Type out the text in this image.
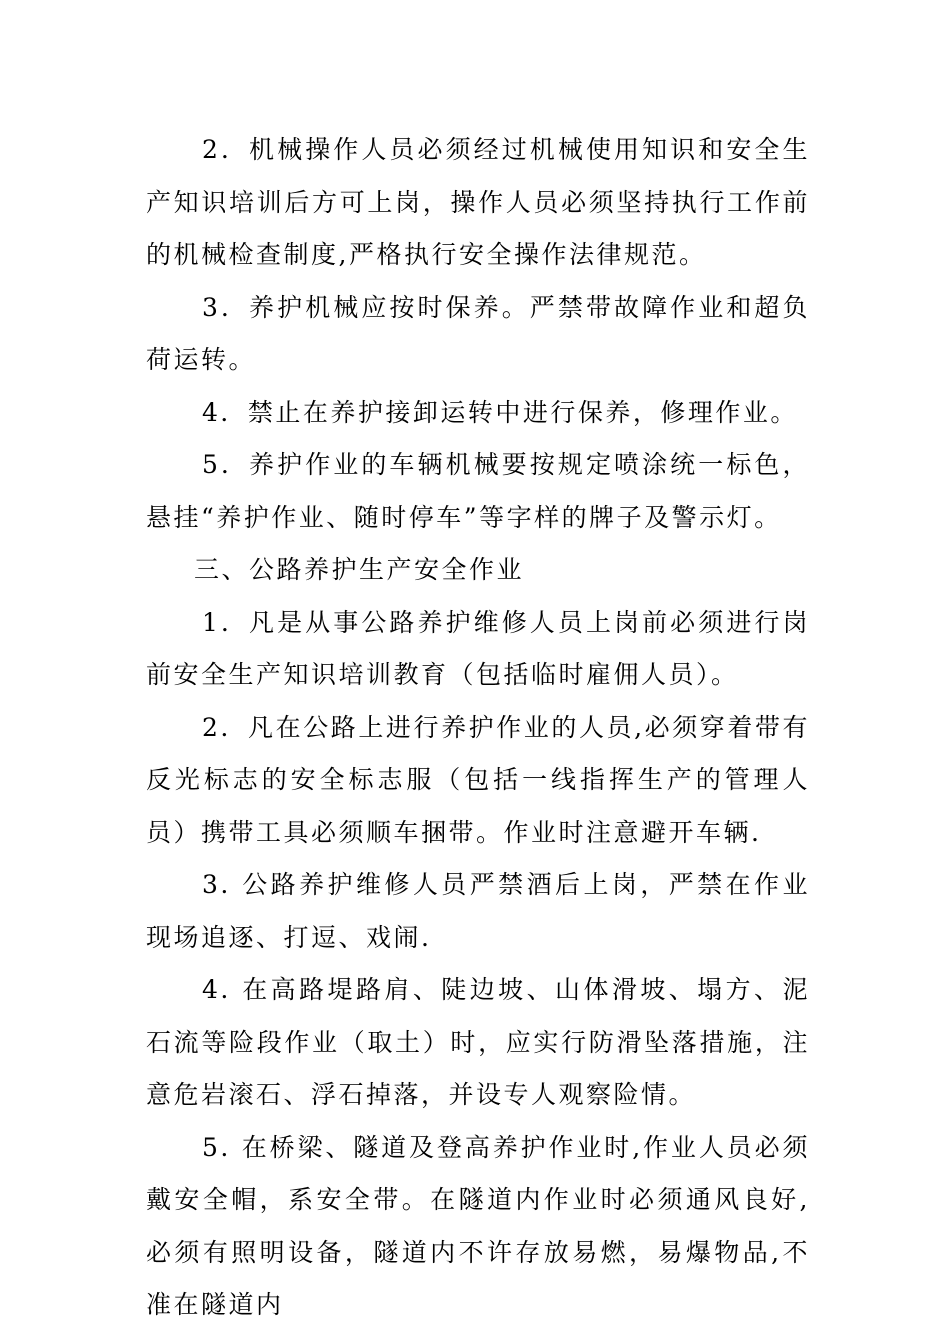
2．机械操作人员必须经过机械使用知识和安全生产知识培训后方可上岗，操作人员必须坚持执行工作前的机械检查制度,严格执行安全操作法律规范。

3．养护机械应按时保养。严禁带故障作业和超负荷运转。

4．禁止在养护接卸运转中进行保养，修理作业。

5．养护作业的车辆机械要按规定喷涂统一标色，悬挂“养护作业、随时停车”等字样的牌子及警示灯。

三、公路养护生产安全作业

1．凡是从事公路养护维修人员上岗前必须进行岗前安全生产知识培训教育（包括临时雇佣人员）。

2．凡在公路上进行养护作业的人员,必须穿着带有反光标志的安全标志服（包括一线指挥生产的管理人员）携带工具必须顺车捆带。作业时注意避开车辆.

3. 公路养护维修人员严禁酒后上岗，严禁在作业现场追逐、打逗、戏闹.

4. 在高路堤路肩、陡边坡、山体滑坡、塌方、泥石流等险段作业（取土）时，应实行防滑坠落措施，注意危岩滚石、浮石掉落，并设专人观察险情。

5. 在桥梁、隧道及登高养护作业时,作业人员必须戴安全帽，系安全带。在隧道内作业时必须通风良好,必须有照明设备，隧道内不许存放易燃，易爆物品,不准在隧道内
